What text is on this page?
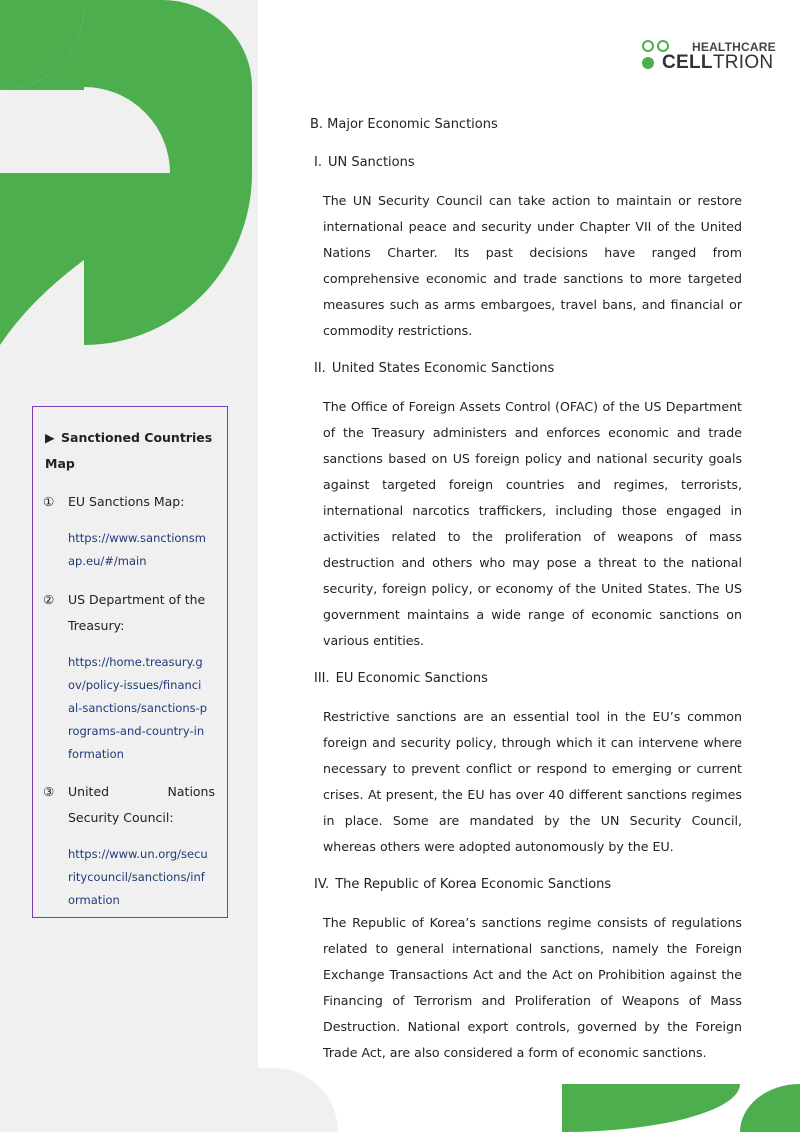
HEALTHCARE
CELLTRION
B. Major Economic Sanctions
I. UN Sanctions

The UN Security Council can take action to maintain or restore international peace and security under Chapter VII of the United Nations Charter. Its past decisions have ranged from comprehensive economic and trade sanctions to more targeted measures such as arms embargoes, travel bans, and financial or commodity restrictions.

II. United States Economic Sanctions

The Office of Foreign Assets Control (OFAC) of the US Department of the Treasury administers and enforces economic and trade sanctions based on US foreign policy and national security goals against targeted foreign countries and regimes, terrorists, international narcotics traffickers, including those engaged in activities related to the proliferation of weapons of mass destruction and others who may pose a threat to the national security, foreign policy, or economy of the United States. The US government maintains a wide range of economic sanctions on various entities.

III. EU Economic Sanctions

Restrictive sanctions are an essential tool in the EU’s common foreign and security policy, through which it can intervene where necessary to prevent conflict or respond to emerging or current crises. At present, the EU has over 40 different sanctions regimes in place. Some are mandated by the UN Security Council, whereas others were adopted autonomously by the EU.

IV. The Republic of Korea Economic Sanctions

The Republic of Korea’s sanctions regime consists of regulations related to general international sanctions, namely the Foreign Exchange Transactions Act and the Act on Prohibition against the Financing of Terrorism and Proliferation of Weapons of Mass Destruction. National export controls, governed by the Foreign Trade Act, are also considered a form of economic sanctions.

▶ Sanctioned Countries Map
①	EU Sanctions Map:
https://www.sanctionsmap.eu/#/main
②	US Department of the Treasury:
https://home.treasury.gov/policy-issues/financial-sanctions/sanctions-programs-and-country-information
③	United Nations Security Council:
https://www.un.org/securitycouncil/sanctions/information
